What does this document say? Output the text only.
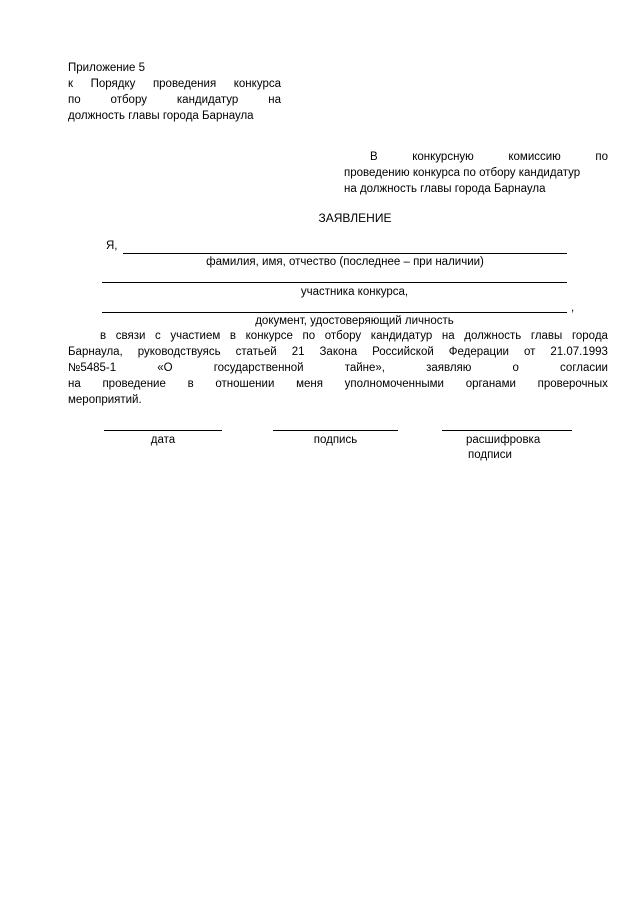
Приложение 5
к Порядку проведения конкурса
по	отбору	кандидатур	на
должность главы города Барнаула
В	конкурсную	комиссию	по
проведению конкурса по отбору кандидатур
на должность главы города Барнаула
ЗАЯВЛЕНИЕ
Я,
фамилия, имя, отчество (последнее – при наличии)
участника конкурса,
,
документ, удостоверяющий личность
в связи с участием в конкурсе по отбору кандидатур на должность главы города
Барнаула, руководствуясь статьей 21 Закона Российской Федерации от 21.07.1993
№5485-1	«О	государственной	тайне»,	заявляю	о	согласии
на проведение в отношении меня уполномоченными органами проверочных
мероприятий.
дата	подпись	расшифровка
подписи
